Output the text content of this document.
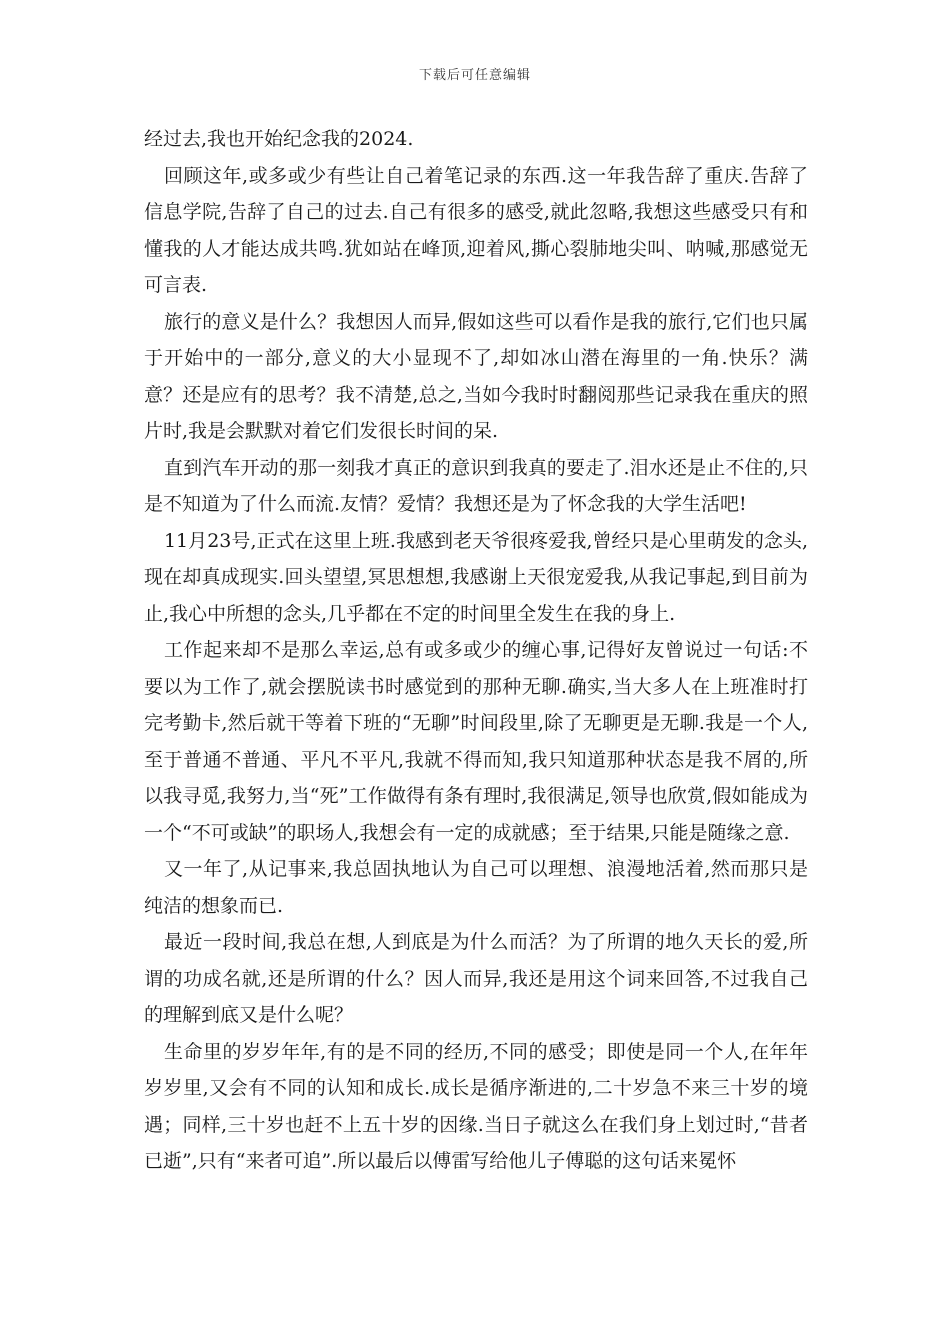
下载后可任意编辑

经过去,我也开始纪念我的2024.

回顾这年,或多或少有些让自己着笔记录的东西.这一年我告辞了重庆.告辞了信息学院,告辞了自己的过去.自己有很多的感受,就此忽略,我想这些感受只有和懂我的人才能达成共鸣.犹如站在峰顶,迎着风,撕心裂肺地尖叫、呐喊,那感觉无可言表.

旅行的意义是什么？我想因人而异,假如这些可以看作是我的旅行,它们也只属于开始中的一部分,意义的大小显现不了,却如冰山潜在海里的一角.快乐？满意？还是应有的思考？我不清楚,总之,当如今我时时翻阅那些记录我在重庆的照片时,我是会默默对着它们发很长时间的呆.

直到汽车开动的那一刻我才真正的意识到我真的要走了.泪水还是止不住的,只是不知道为了什么而流.友情？爱情？我想还是为了怀念我的大学生活吧!

11月23号,正式在这里上班.我感到老天爷很疼爱我,曾经只是心里萌发的念头,现在却真成现实.回头望望,冥思想想,我感谢上天很宠爱我,从我记事起,到目前为止,我心中所想的念头,几乎都在不定的时间里全发生在我的身上.

工作起来却不是那么幸运,总有或多或少的缠心事,记得好友曾说过一句话:不要以为工作了,就会摆脱读书时感觉到的那种无聊.确实,当大多人在上班准时打完考勤卡,然后就干等着下班的“无聊”时间段里,除了无聊更是无聊.我是一个人,至于普通不普通、平凡不平凡,我就不得而知,我只知道那种状态是我不屑的,所以我寻觅,我努力,当“死”工作做得有条有理时,我很满足,领导也欣赏,假如能成为一个“不可或缺”的职场人,我想会有一定的成就感；至于结果,只能是随缘之意.

又一年了,从记事来,我总固执地认为自己可以理想、浪漫地活着,然而那只是纯洁的想象而已.

最近一段时间,我总在想,人到底是为什么而活？为了所谓的地久天长的爱,所谓的功成名就,还是所谓的什么？因人而异,我还是用这个词来回答,不过我自己的理解到底又是什么呢？

生命里的岁岁年年,有的是不同的经历,不同的感受；即使是同一个人,在年年岁岁里,又会有不同的认知和成长.成长是循序渐进的,二十岁急不来三十岁的境遇；同样,三十岁也赶不上五十岁的因缘.当日子就这么在我们身上划过时,“昔者已逝”,只有“来者可追”.所以最后以傅雷写给他儿子傅聪的这句话来冕怀
